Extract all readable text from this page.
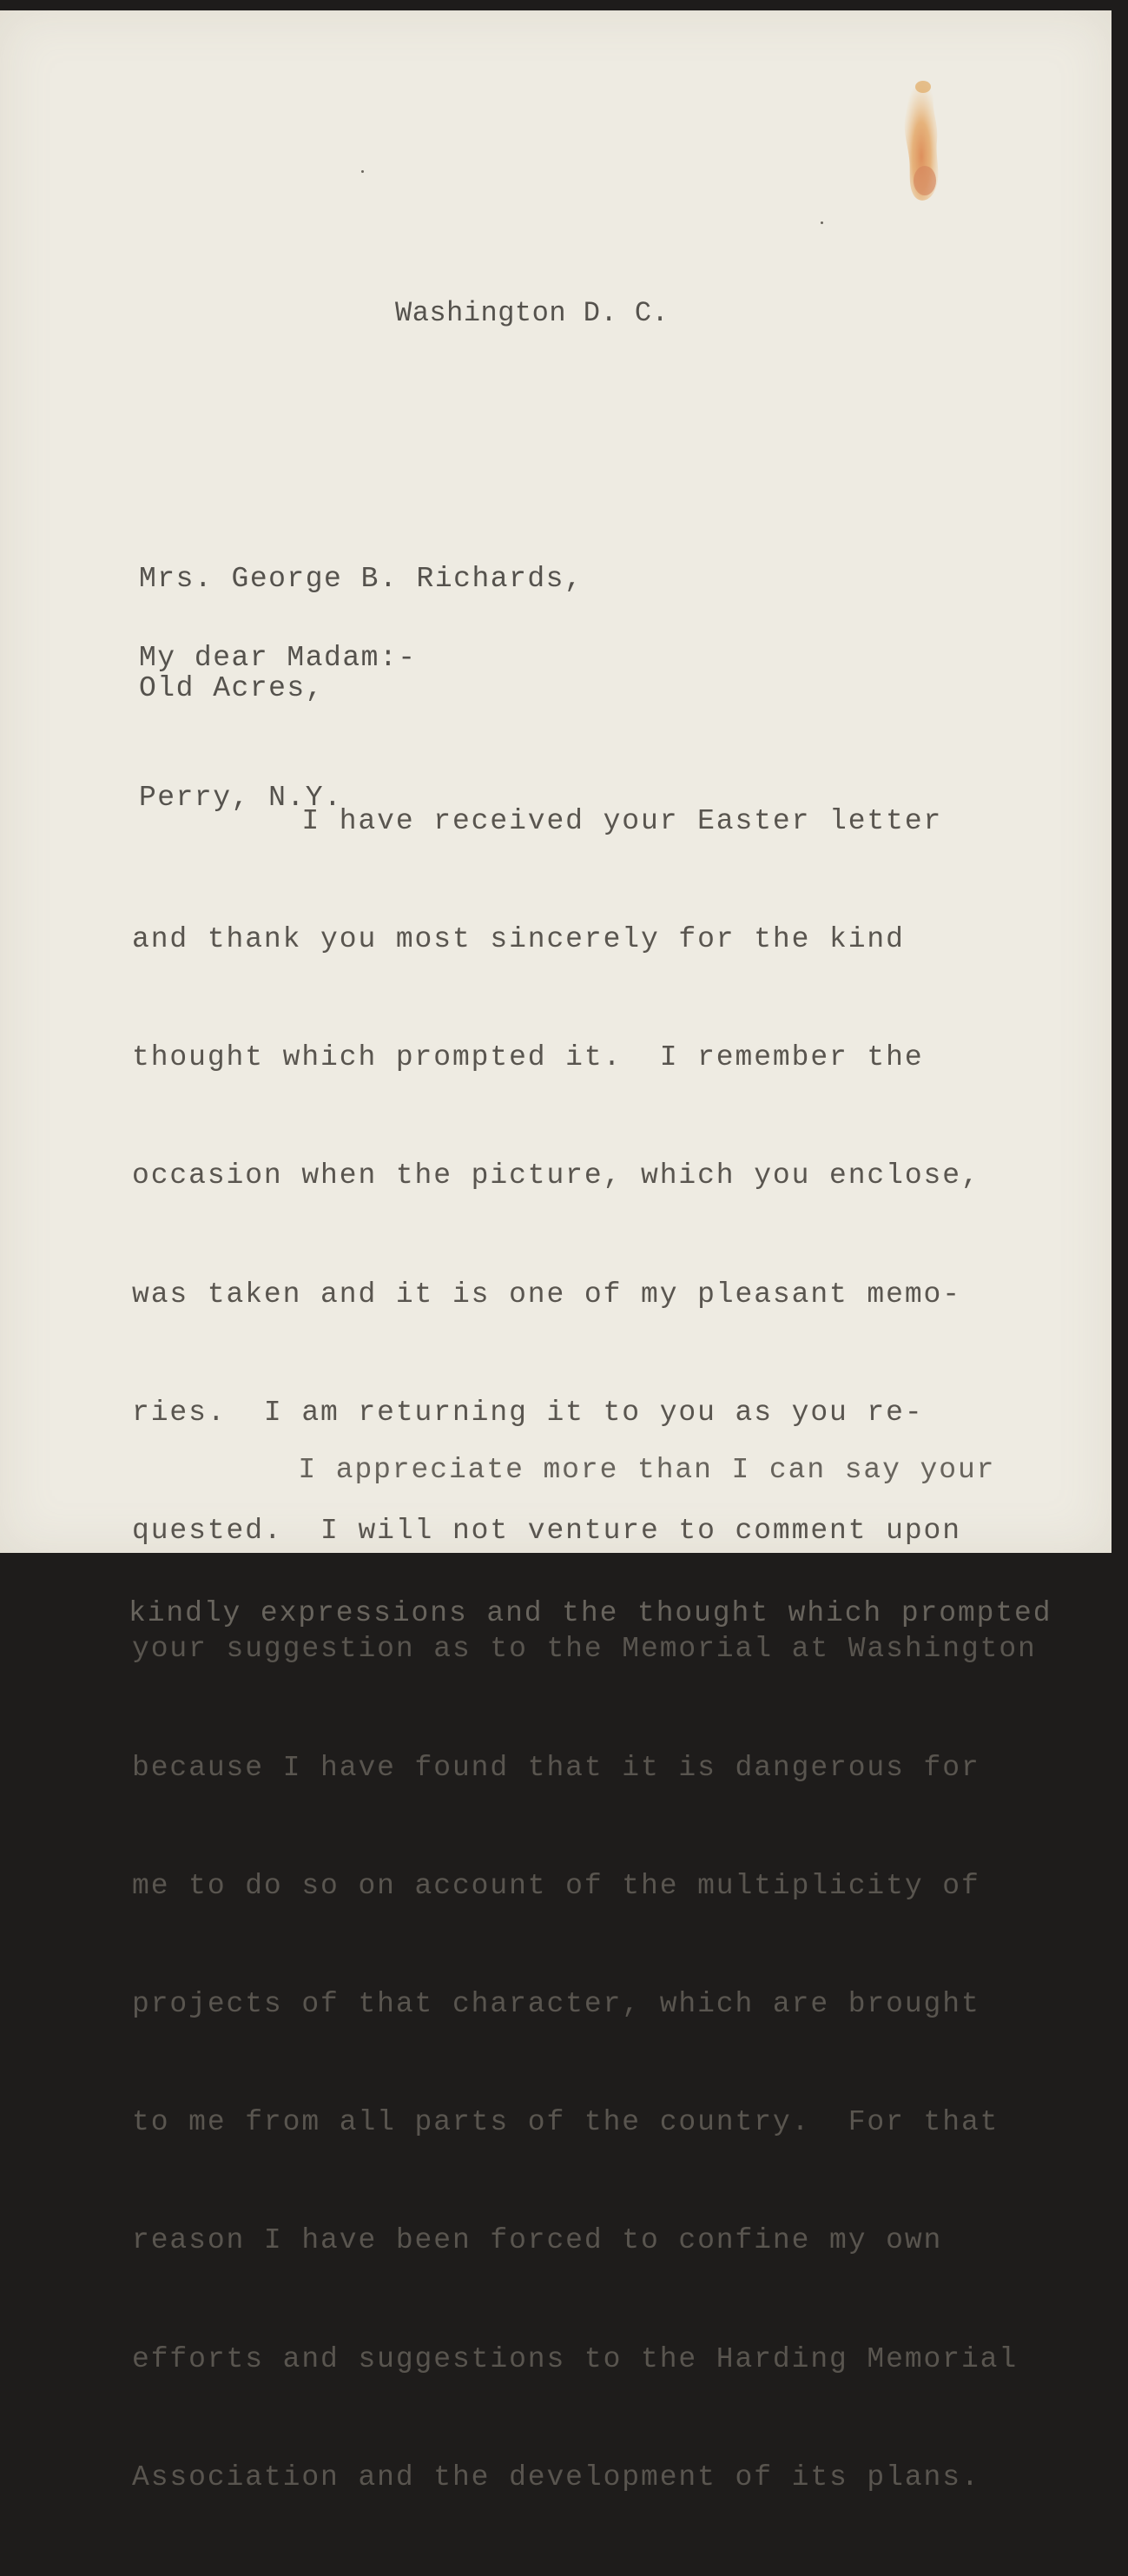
Washington D. C.

Mrs. George B. Richards,

Old Acres,

Perry, N.Y.

My dear Madam:-

I have received your Easter letter

and thank you most sincerely for the kind

thought which prompted it.  I remember the

occasion when the picture, which you enclose,

was taken and it is one of my pleasant memo-

ries.  I am returning it to you as you re-

quested.  I will not venture to comment upon

your suggestion as to the Memorial at Washington

because I have found that it is dangerous for

me to do so on account of the multiplicity of

projects of that character, which are brought

to me from all parts of the country.  For that

reason I have been forced to confine my own

efforts and suggestions to the Harding Memorial

Association and the development of its plans.

I appreciate more than I can say your

kindly expressions and the thought which prompted
